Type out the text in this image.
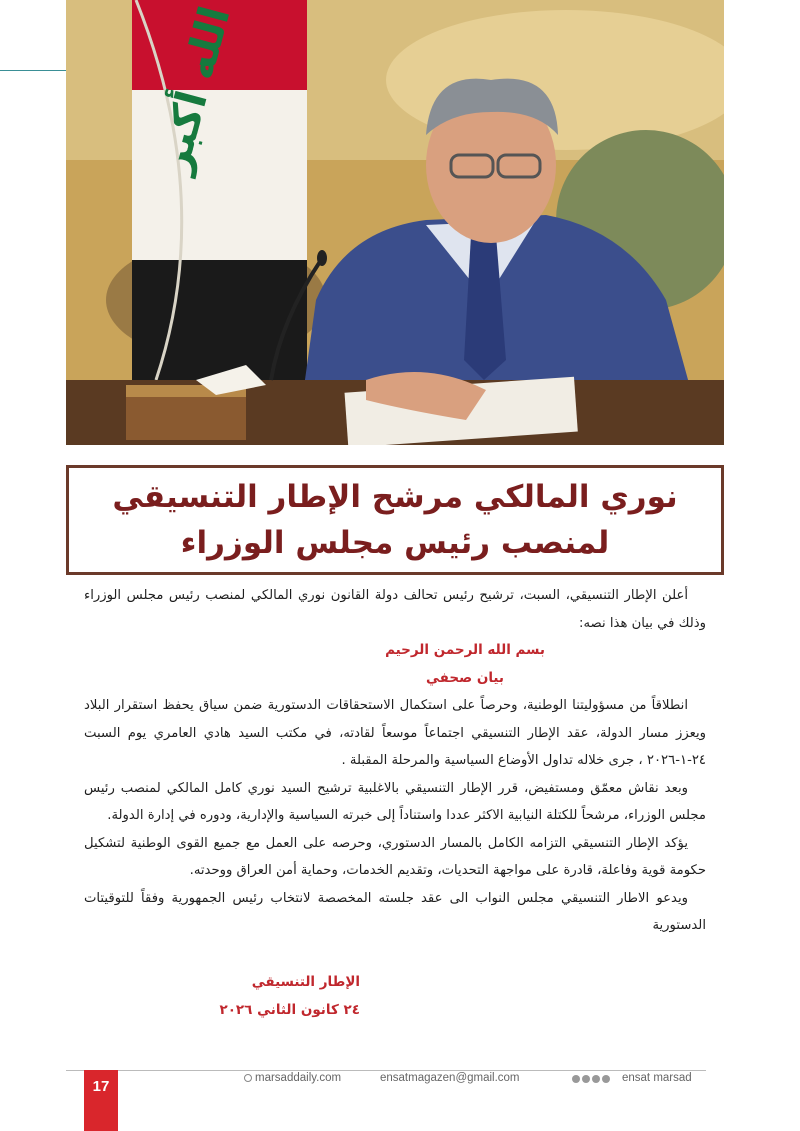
الله أكبر
نوري المالكي مرشح الإطار التنسيقي لمنصب رئيس مجلس الوزراء

أعلن الإطار التنسيقي، السبت، ترشيح رئيس تحالف دولة القانون نوري المالكي لمنصب رئيس مجلس الوزراء وذلك في بيان هذا نصه:

بسم الله الرحمن الرحيم
بيان صحفي

انطلاقاً من مسؤوليتنا الوطنية، وحرصاً على استكمال الاستحقاقات الدستورية ضمن سياق يحفظ استقرار البلاد ويعزز مسار الدولة، عقد الإطار التنسيقي اجتماعاً موسعاً لقادته، في مكتب السيد هادي العامري يوم السبت ٢٤-١-٢٠٢٦ ، جرى خلاله تداول الأوضاع السياسية والمرحلة المقبلة .

وبعد نقاش معمّق ومستفيض، قرر الإطار التنسيقي بالاغلبية ترشيح السيد نوري كامل المالكي لمنصب رئيس مجلس الوزراء، مرشحاً للكتلة النيابية الاكثر عددا واستناداً إلى خبرته السياسية والإدارية، ودوره في إدارة الدولة.

يؤكد الإطار التنسيقي التزامه الكامل بالمسار الدستوري، وحرصه على العمل مع جميع القوى الوطنية لتشكيل حكومة قوية وفاعلة، قادرة على مواجهة التحديات، وتقديم الخدمات، وحماية أمن العراق ووحدته.

ويدعو الاطار التنسيقي مجلس النواب الى عقد جلسته المخصصة لانتخاب رئيس الجمهورية وفقاً للتوقيتات الدستورية

الإطار التنسيقي
٢٤ كانون الثاني ٢٠٢٦
17	marsaddaily.com	ensatmagazen@gmail.com	ensat marsad
